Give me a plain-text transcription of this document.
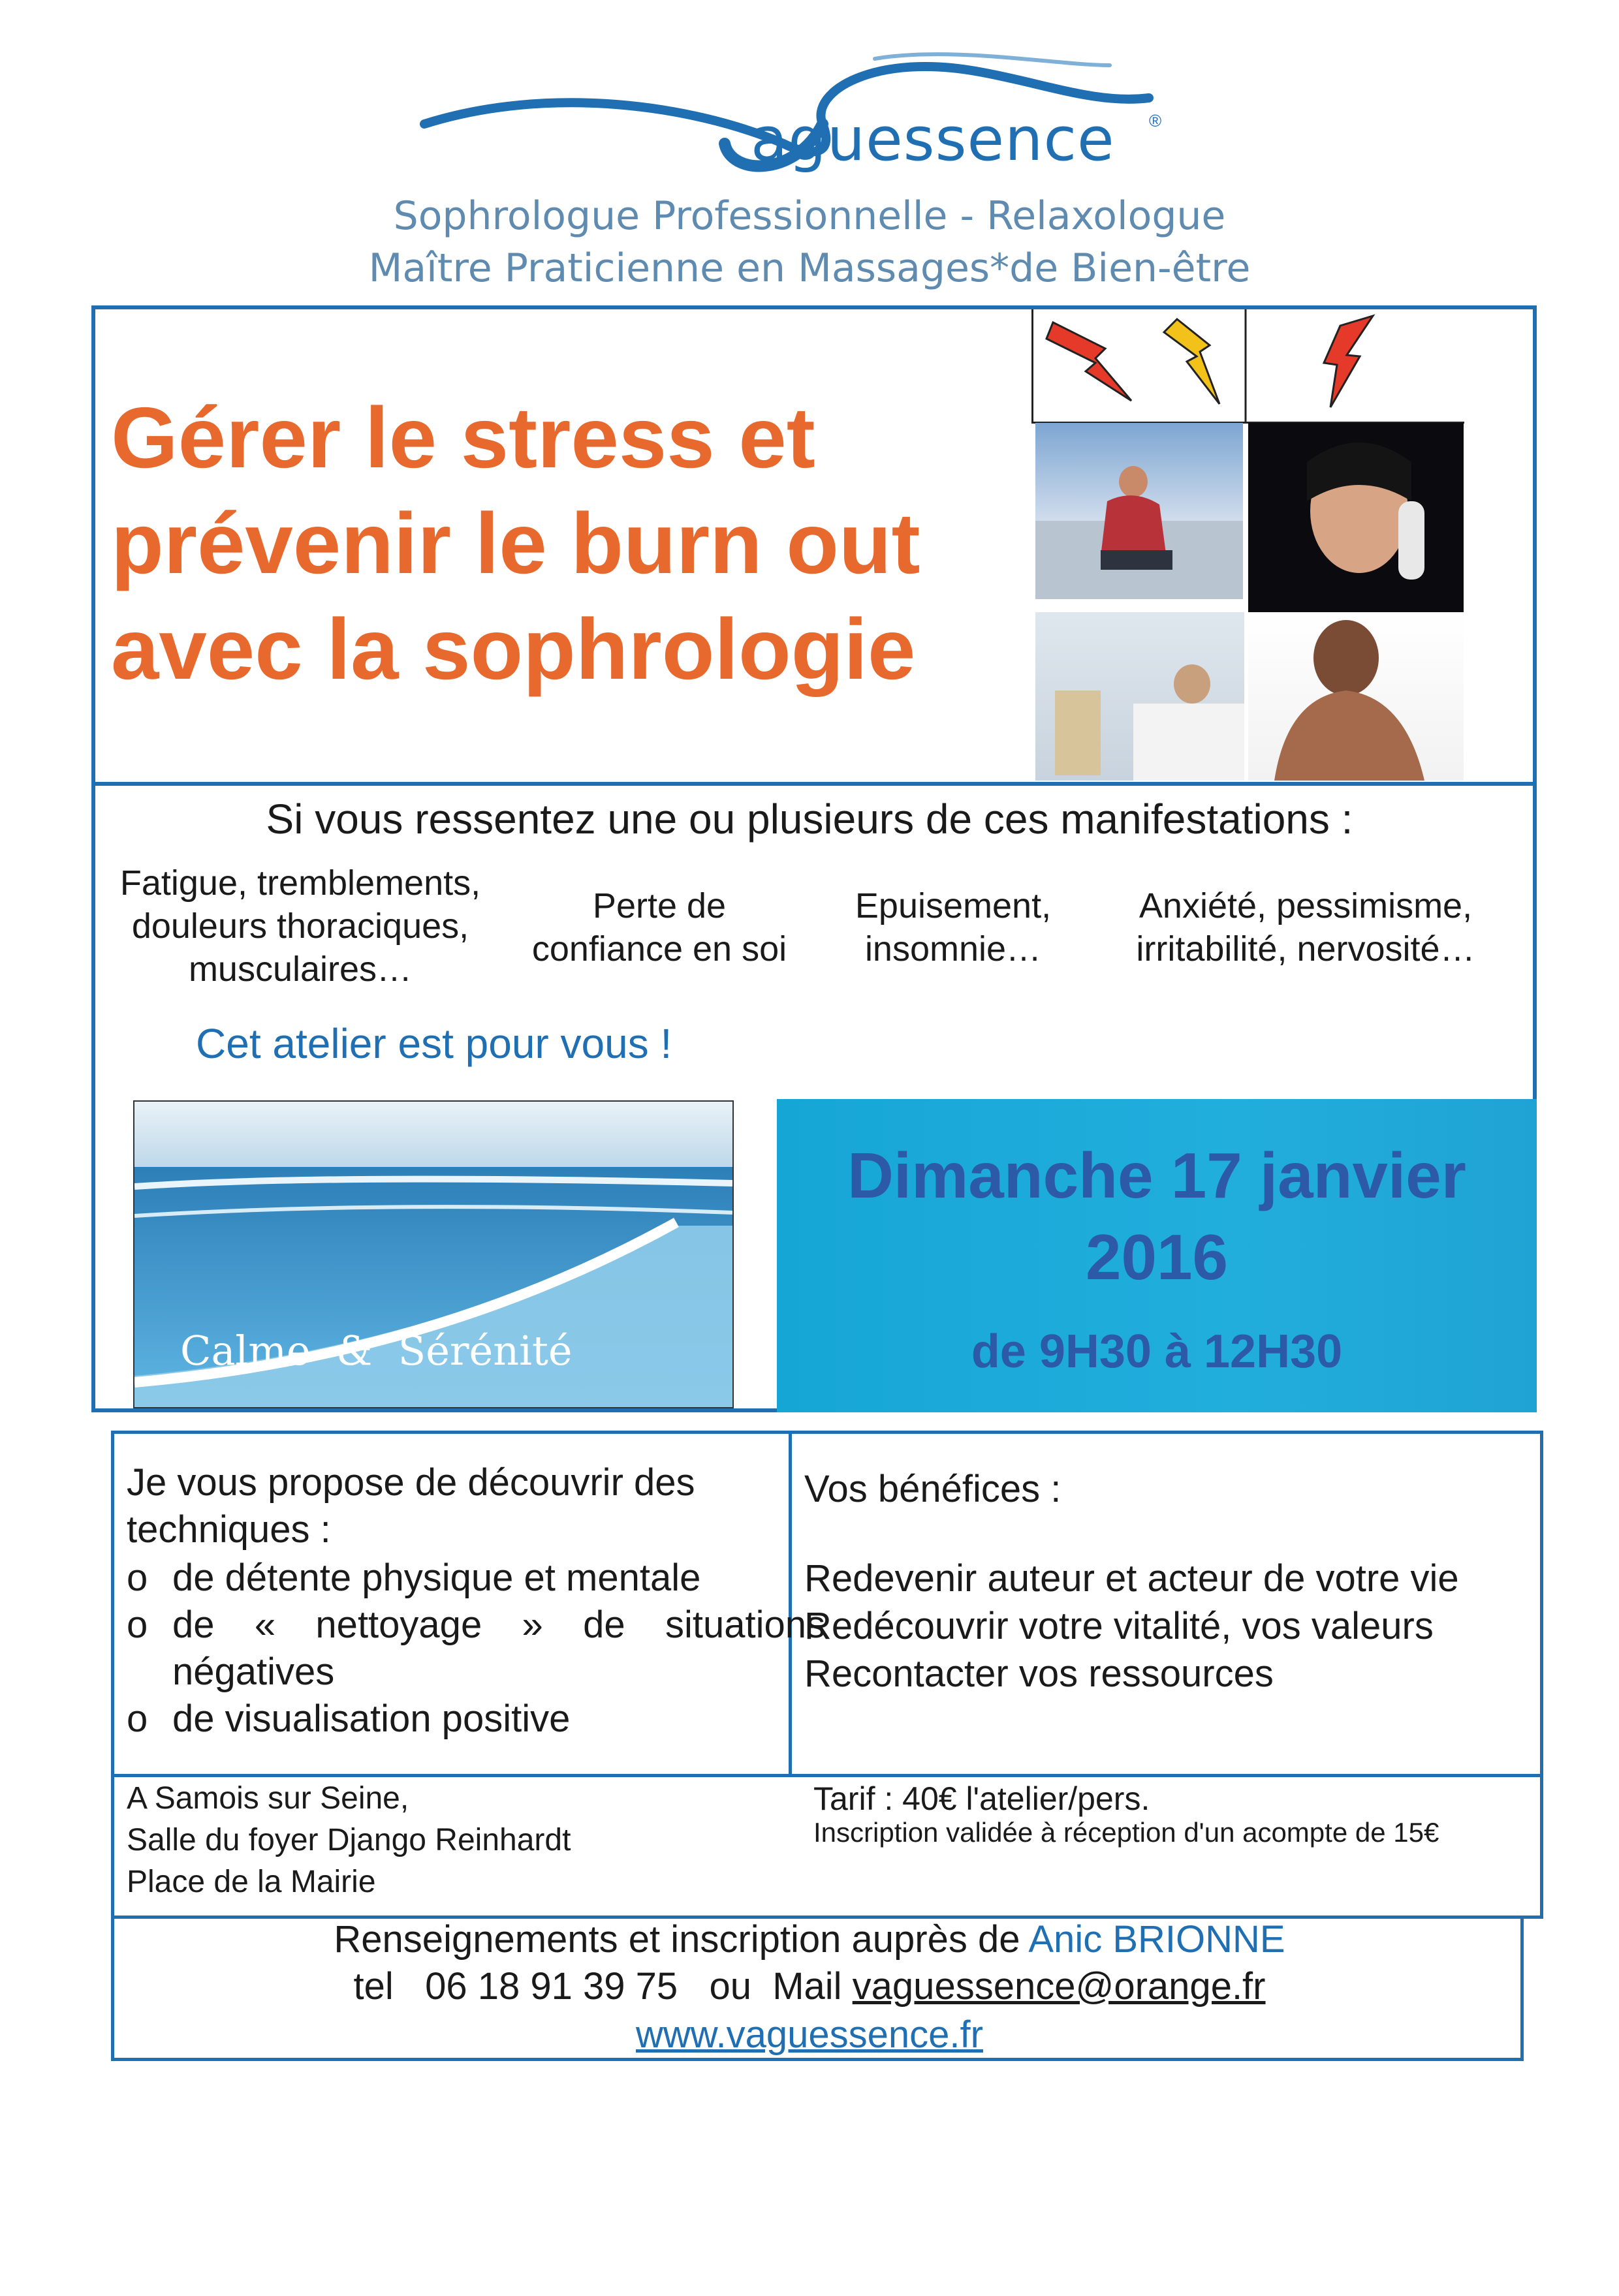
aguessence ®
Sophrologue Professionnelle - Relaxologue
Maître Praticienne en Massages*de Bien-être
Gérer le stress et
prévenir le burn out
avec la sophrologie
Si vous ressentez une ou plusieurs de ces manifestations :
Fatigue, tremblements,
douleurs thoraciques,
musculaires…
Perte de
confiance en soi
Epuisement,
insomnie…
Anxiété, pessimisme,
irritabilité, nervosité…
Cet atelier est pour vous !
Calme  &  Sérénité
Dimanche 17 janvier
2016
de 9H30 à 12H30
Je vous propose de découvrir des techniques :
o de détente physique et mentale
o de « nettoyage » de situations négatives
o de visualisation positive
Vos bénéfices :
Redevenir auteur et acteur de votre vie
Redécouvrir votre vitalité, vos valeurs
Recontacter vos ressources
A Samois sur Seine,
Salle du foyer Django Reinhardt
Place de la Mairie
Tarif : 40€ l'atelier/pers.
Inscription validée à réception d'un acompte de 15€
Renseignements et inscription auprès de Anic BRIONNE
tel   06 18 91 39 75   ou  Mail vaguessence@orange.fr
www.vaguessence.fr
